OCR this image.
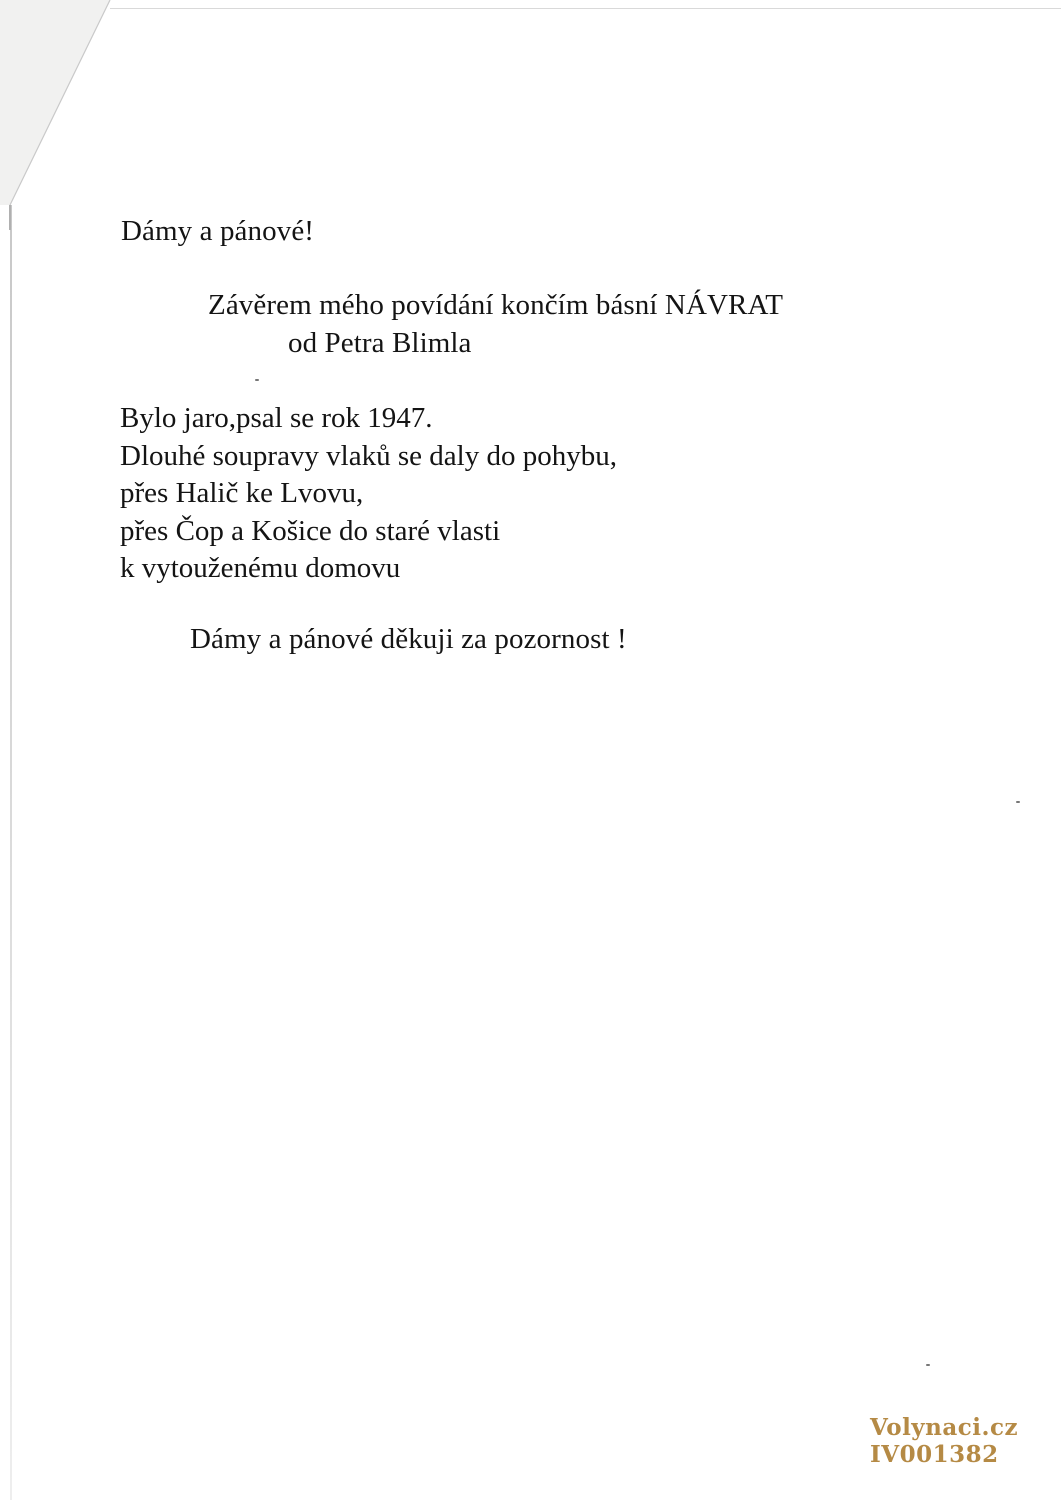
Dámy a pánové!

Závěrem mého povídání končím básní NÁVRAT

od Petra Blimla

Bylo jaro,psal se rok 1947.
Dlouhé soupravy vlaků se daly do pohybu,
přes Halič ke Lvovu,
přes Čop a Košice do staré vlasti
k vytouženému domovu

Dámy a pánové děkuji za pozornost !

Volynaci.cz
IV001382
